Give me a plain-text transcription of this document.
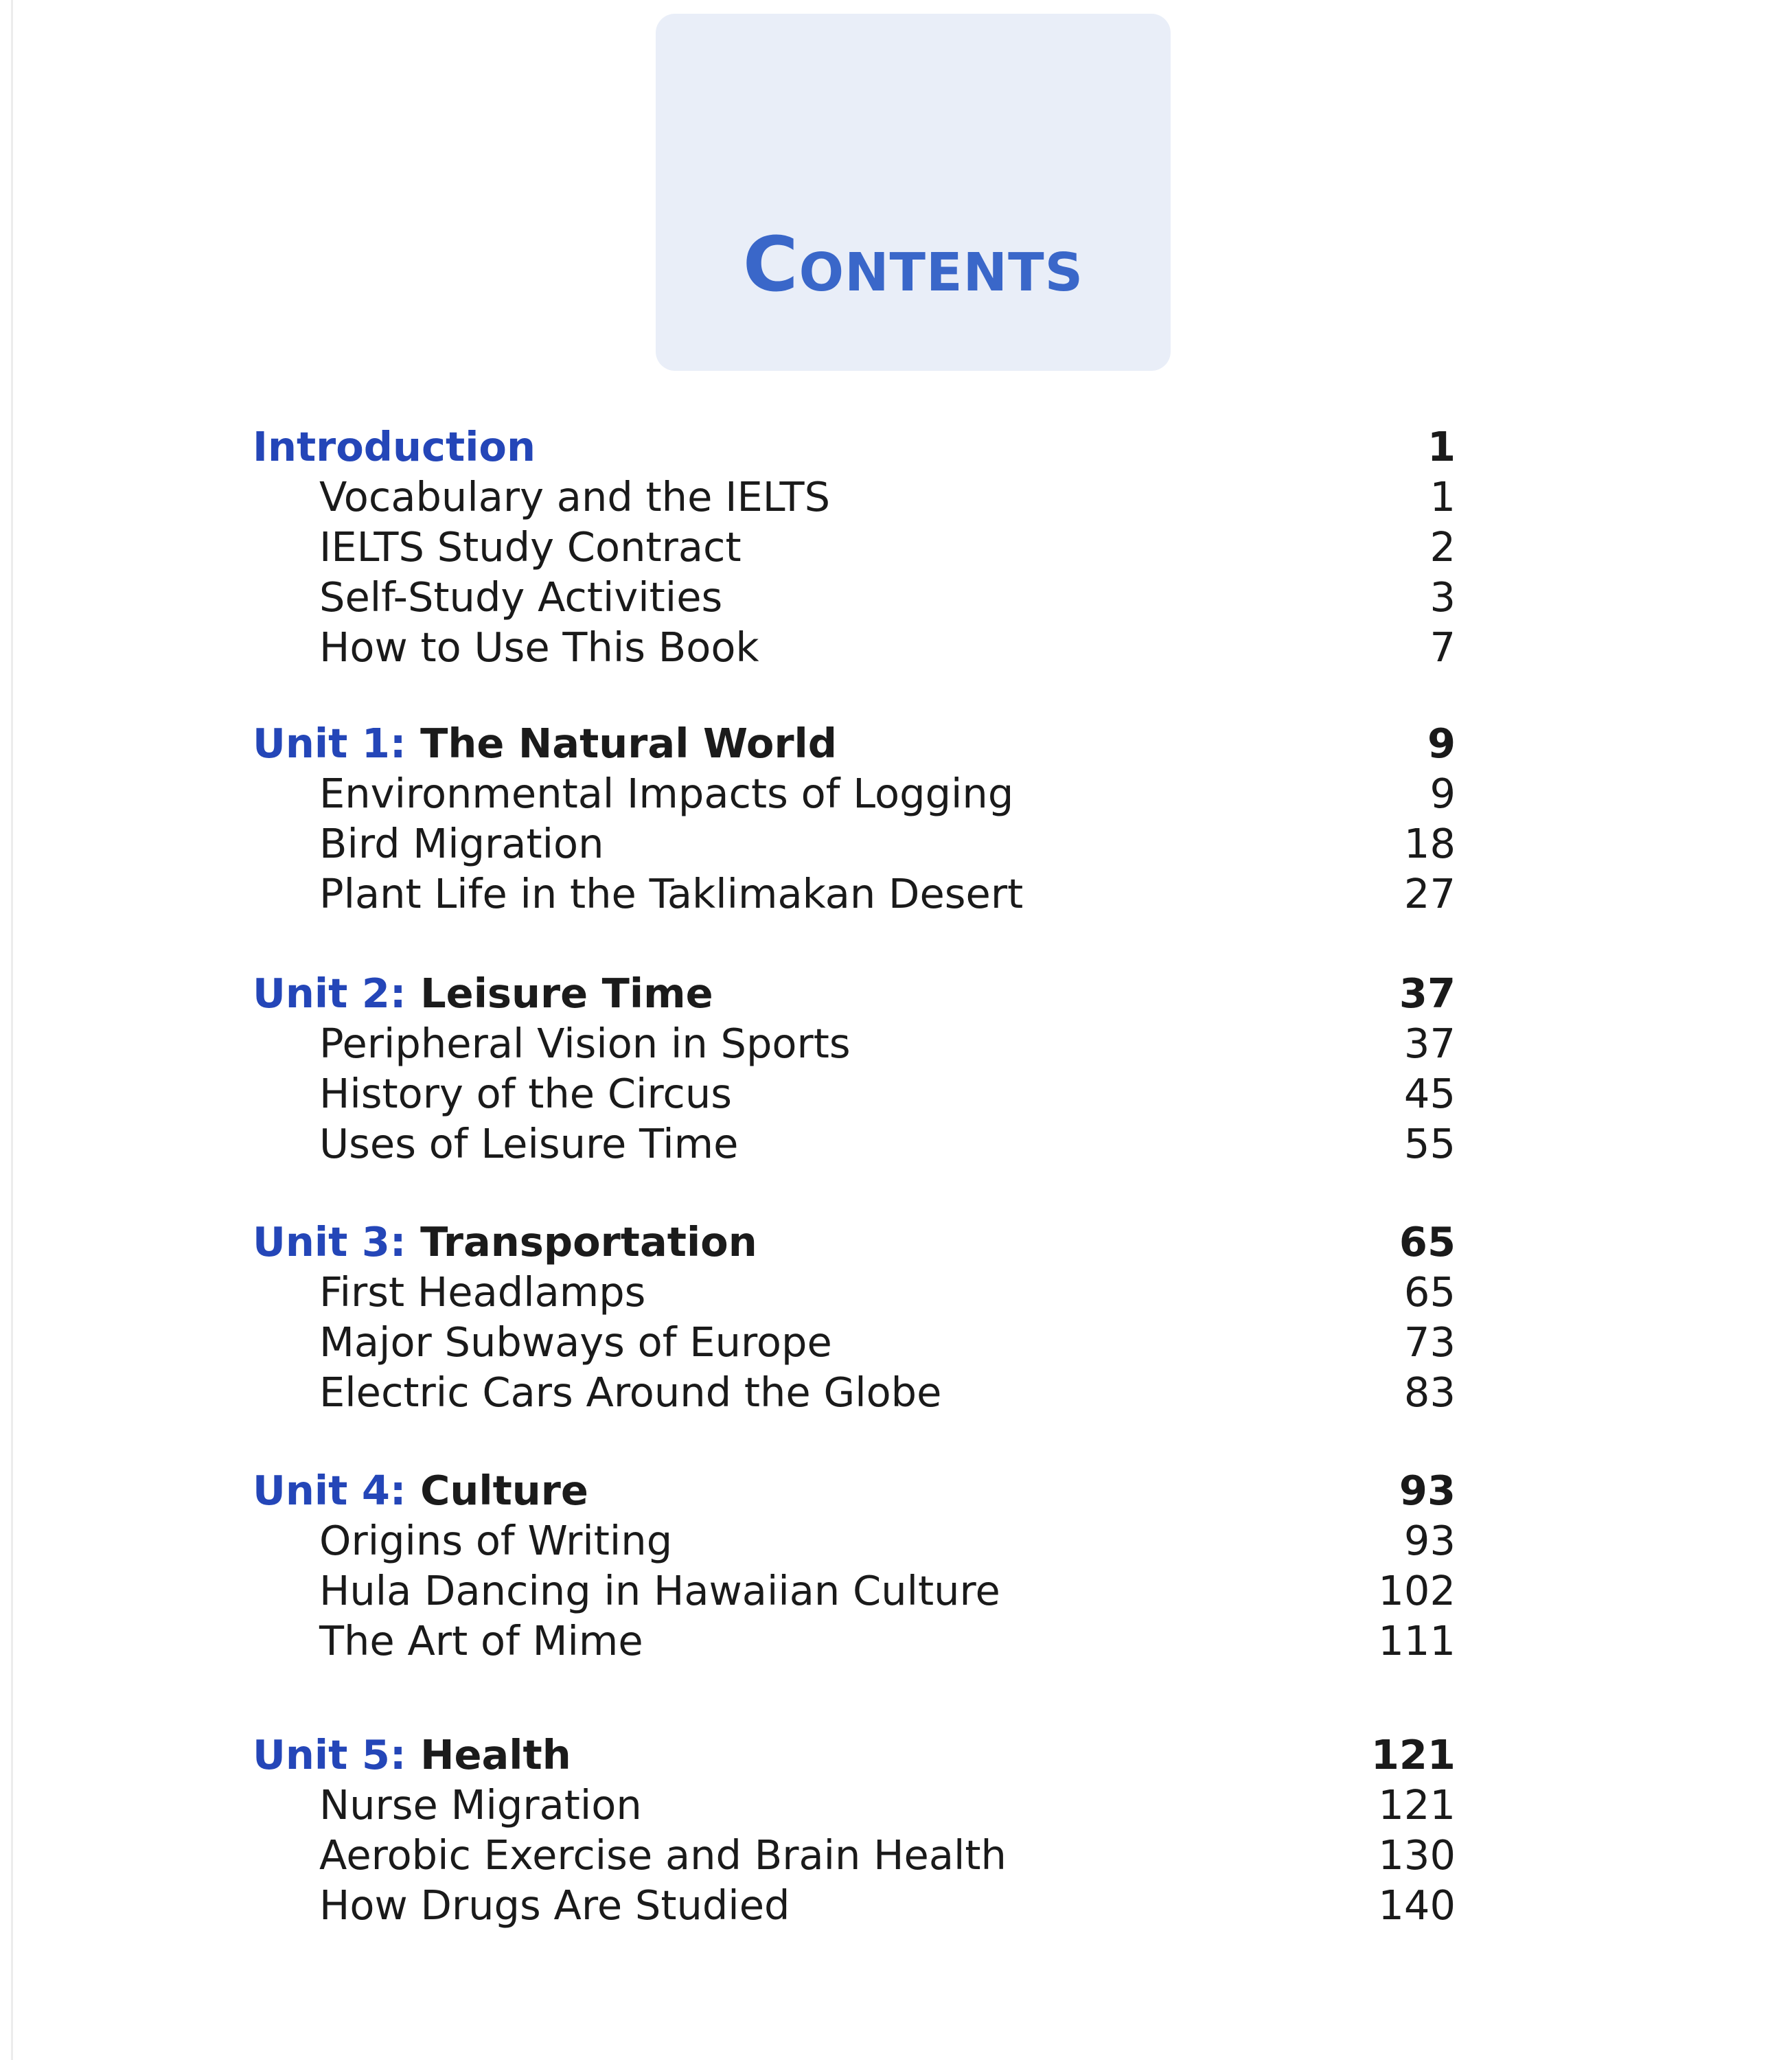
Contents
Introduction	1
Vocabulary and the IELTS	1
IELTS Study Contract	2
Self-Study Activities	3
How to Use This Book	7
Unit 1: The Natural World	9
Environmental Impacts of Logging	9
Bird Migration	18
Plant Life in the Taklimakan Desert	27
Unit 2: Leisure Time	37
Peripheral Vision in Sports	37
History of the Circus	45
Uses of Leisure Time	55
Unit 3: Transportation	65
First Headlamps	65
Major Subways of Europe	73
Electric Cars Around the Globe	83
Unit 4: Culture	93
Origins of Writing	93
Hula Dancing in Hawaiian Culture	102
The Art of Mime	111
Unit 5: Health	121
Nurse Migration	121
Aerobic Exercise and Brain Health	130
How Drugs Are Studied	140
